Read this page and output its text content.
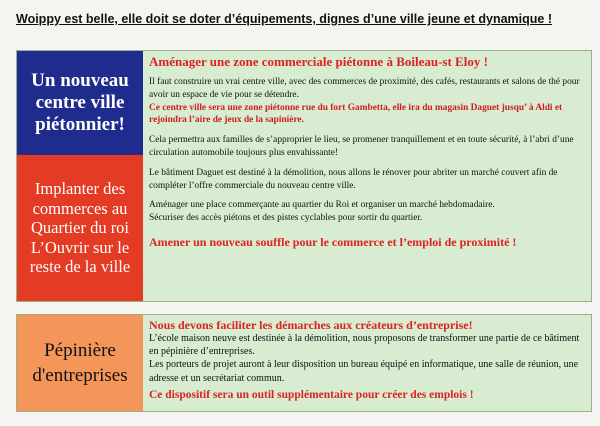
Woippy est belle, elle doit se doter d’équipements, dignes d’une ville jeune et dynamique !
Un nouveau
centre ville
piétonnier!
Implanter des
commerces au
Quartier du roi
L’Ouvrir sur le
reste de la ville

Aménager une zone commerciale piétonne à Boileau-st Eloy !

Il faut construire un vrai centre ville, avec des commerces de proximité, des cafés, restaurants et salons de thé pour avoir un espace de vie pour se détendre.

Ce centre ville sera une zone piétonne rue du fort Gambetta, elle ira du magasin Daguet jusqu’ à Aldi et rejoindra l’aire de jeux de la sapinière.

Cela permettra aux familles de s’approprier le lieu, se promener tranquillement et en toute sécurité, à l’abri d’une circulation automobile toujours plus envahissante!

Le bâtiment Daguet est destiné à la démolition, nous allons le rénover pour abriter un marché couvert afin de compléter l’offre commerciale du nouveau centre ville.

Aménager une place commerçante au quartier du Roi et organiser un marché hebdomadaire.

Sécuriser des accès piétons et des pistes cyclables pour sortir du quartier.

Amener un nouveau souffle pour le commerce et l’emploi de proximité !

Pépinière
d'entreprises

Nous devons faciliter les démarches aux créateurs d’entreprise!

L’école maison neuve est destinée à la démolition, nous proposons de transformer une partie de ce bâtiment en pépinière d’entreprises.

Les porteurs de projet auront à leur disposition un bureau équipé en informatique, une salle de réunion, une adresse et un secrétariat commun.

Ce dispositif sera un outil supplémentaire pour créer des emplois !
